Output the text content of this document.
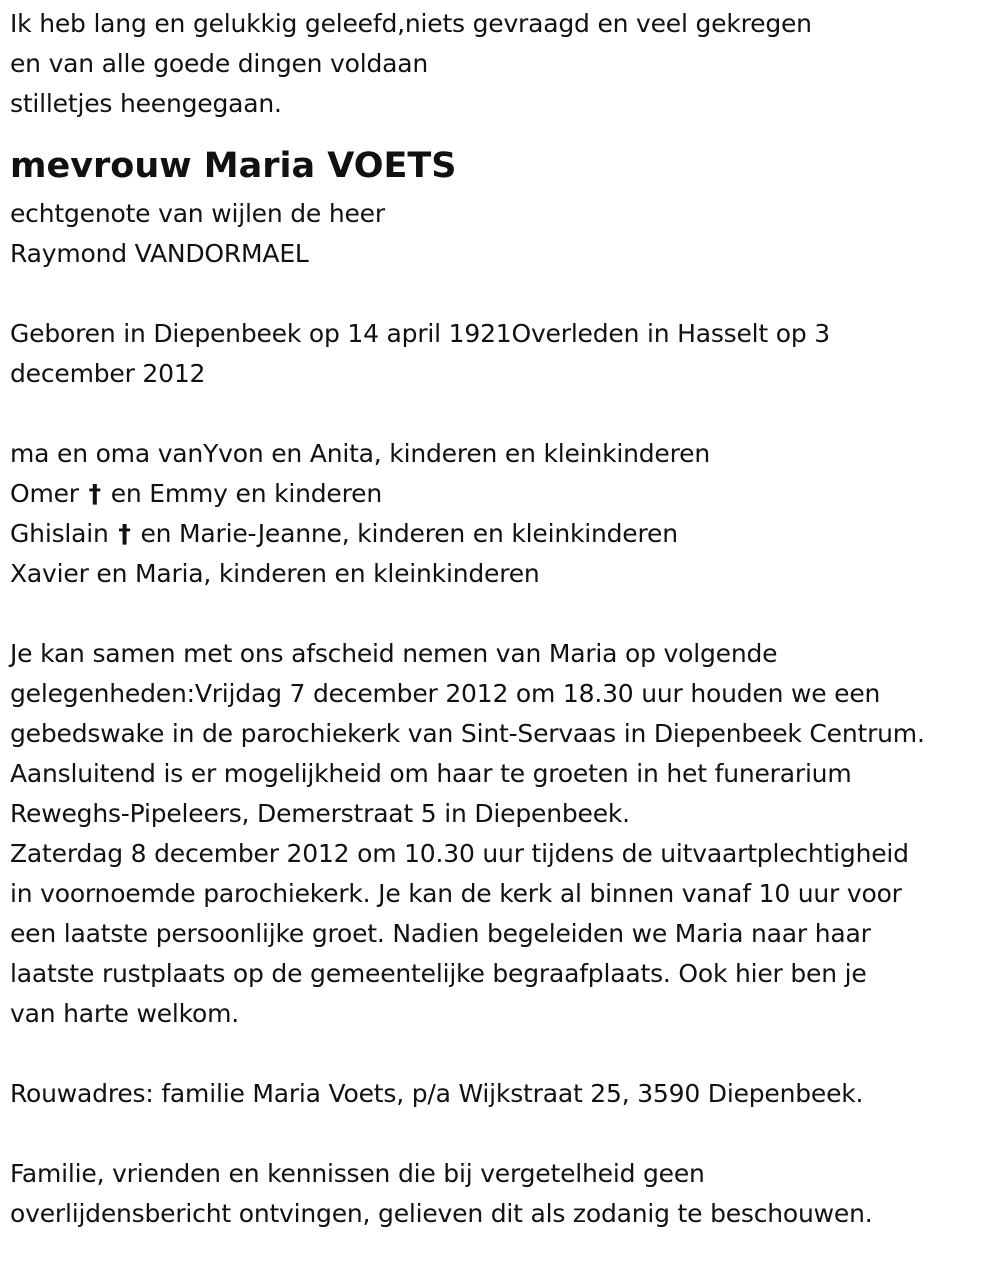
Ik heb lang en gelukkig geleefd,niets gevraagd en veel gekregen
en van alle goede dingen voldaan
stilletjes heengegaan.
mevrouw Maria VOETS
echtgenote van wijlen de heer
Raymond VANDORMAEL
Geboren in Diepenbeek op 14 april 1921Overleden in Hasselt op 3
december 2012
ma en oma vanYvon en Anita, kinderen en kleinkinderen
Omer † en Emmy en kinderen
Ghislain † en Marie-Jeanne, kinderen en kleinkinderen
Xavier en Maria, kinderen en kleinkinderen
Je kan samen met ons afscheid nemen van Maria op volgende
gelegenheden:Vrijdag 7 december 2012 om 18.30 uur houden we een
gebedswake in de parochiekerk van Sint-Servaas in Diepenbeek Centrum.
Aansluitend is er mogelijkheid om haar te groeten in het funerarium
Reweghs-Pipeleers, Demerstraat 5 in Diepenbeek.
Zaterdag 8 december 2012 om 10.30 uur tijdens de uitvaartplechtigheid
in voornoemde parochiekerk. Je kan de kerk al binnen vanaf 10 uur voor
een laatste persoonlijke groet. Nadien begeleiden we Maria naar haar
laatste rustplaats op de gemeentelijke begraafplaats. Ook hier ben je
van harte welkom.
Rouwadres: familie Maria Voets, p/a Wijkstraat 25, 3590 Diepenbeek.
Familie, vrienden en kennissen die bij vergetelheid geen
overlijdensbericht ontvingen, gelieven dit als zodanig te beschouwen.
